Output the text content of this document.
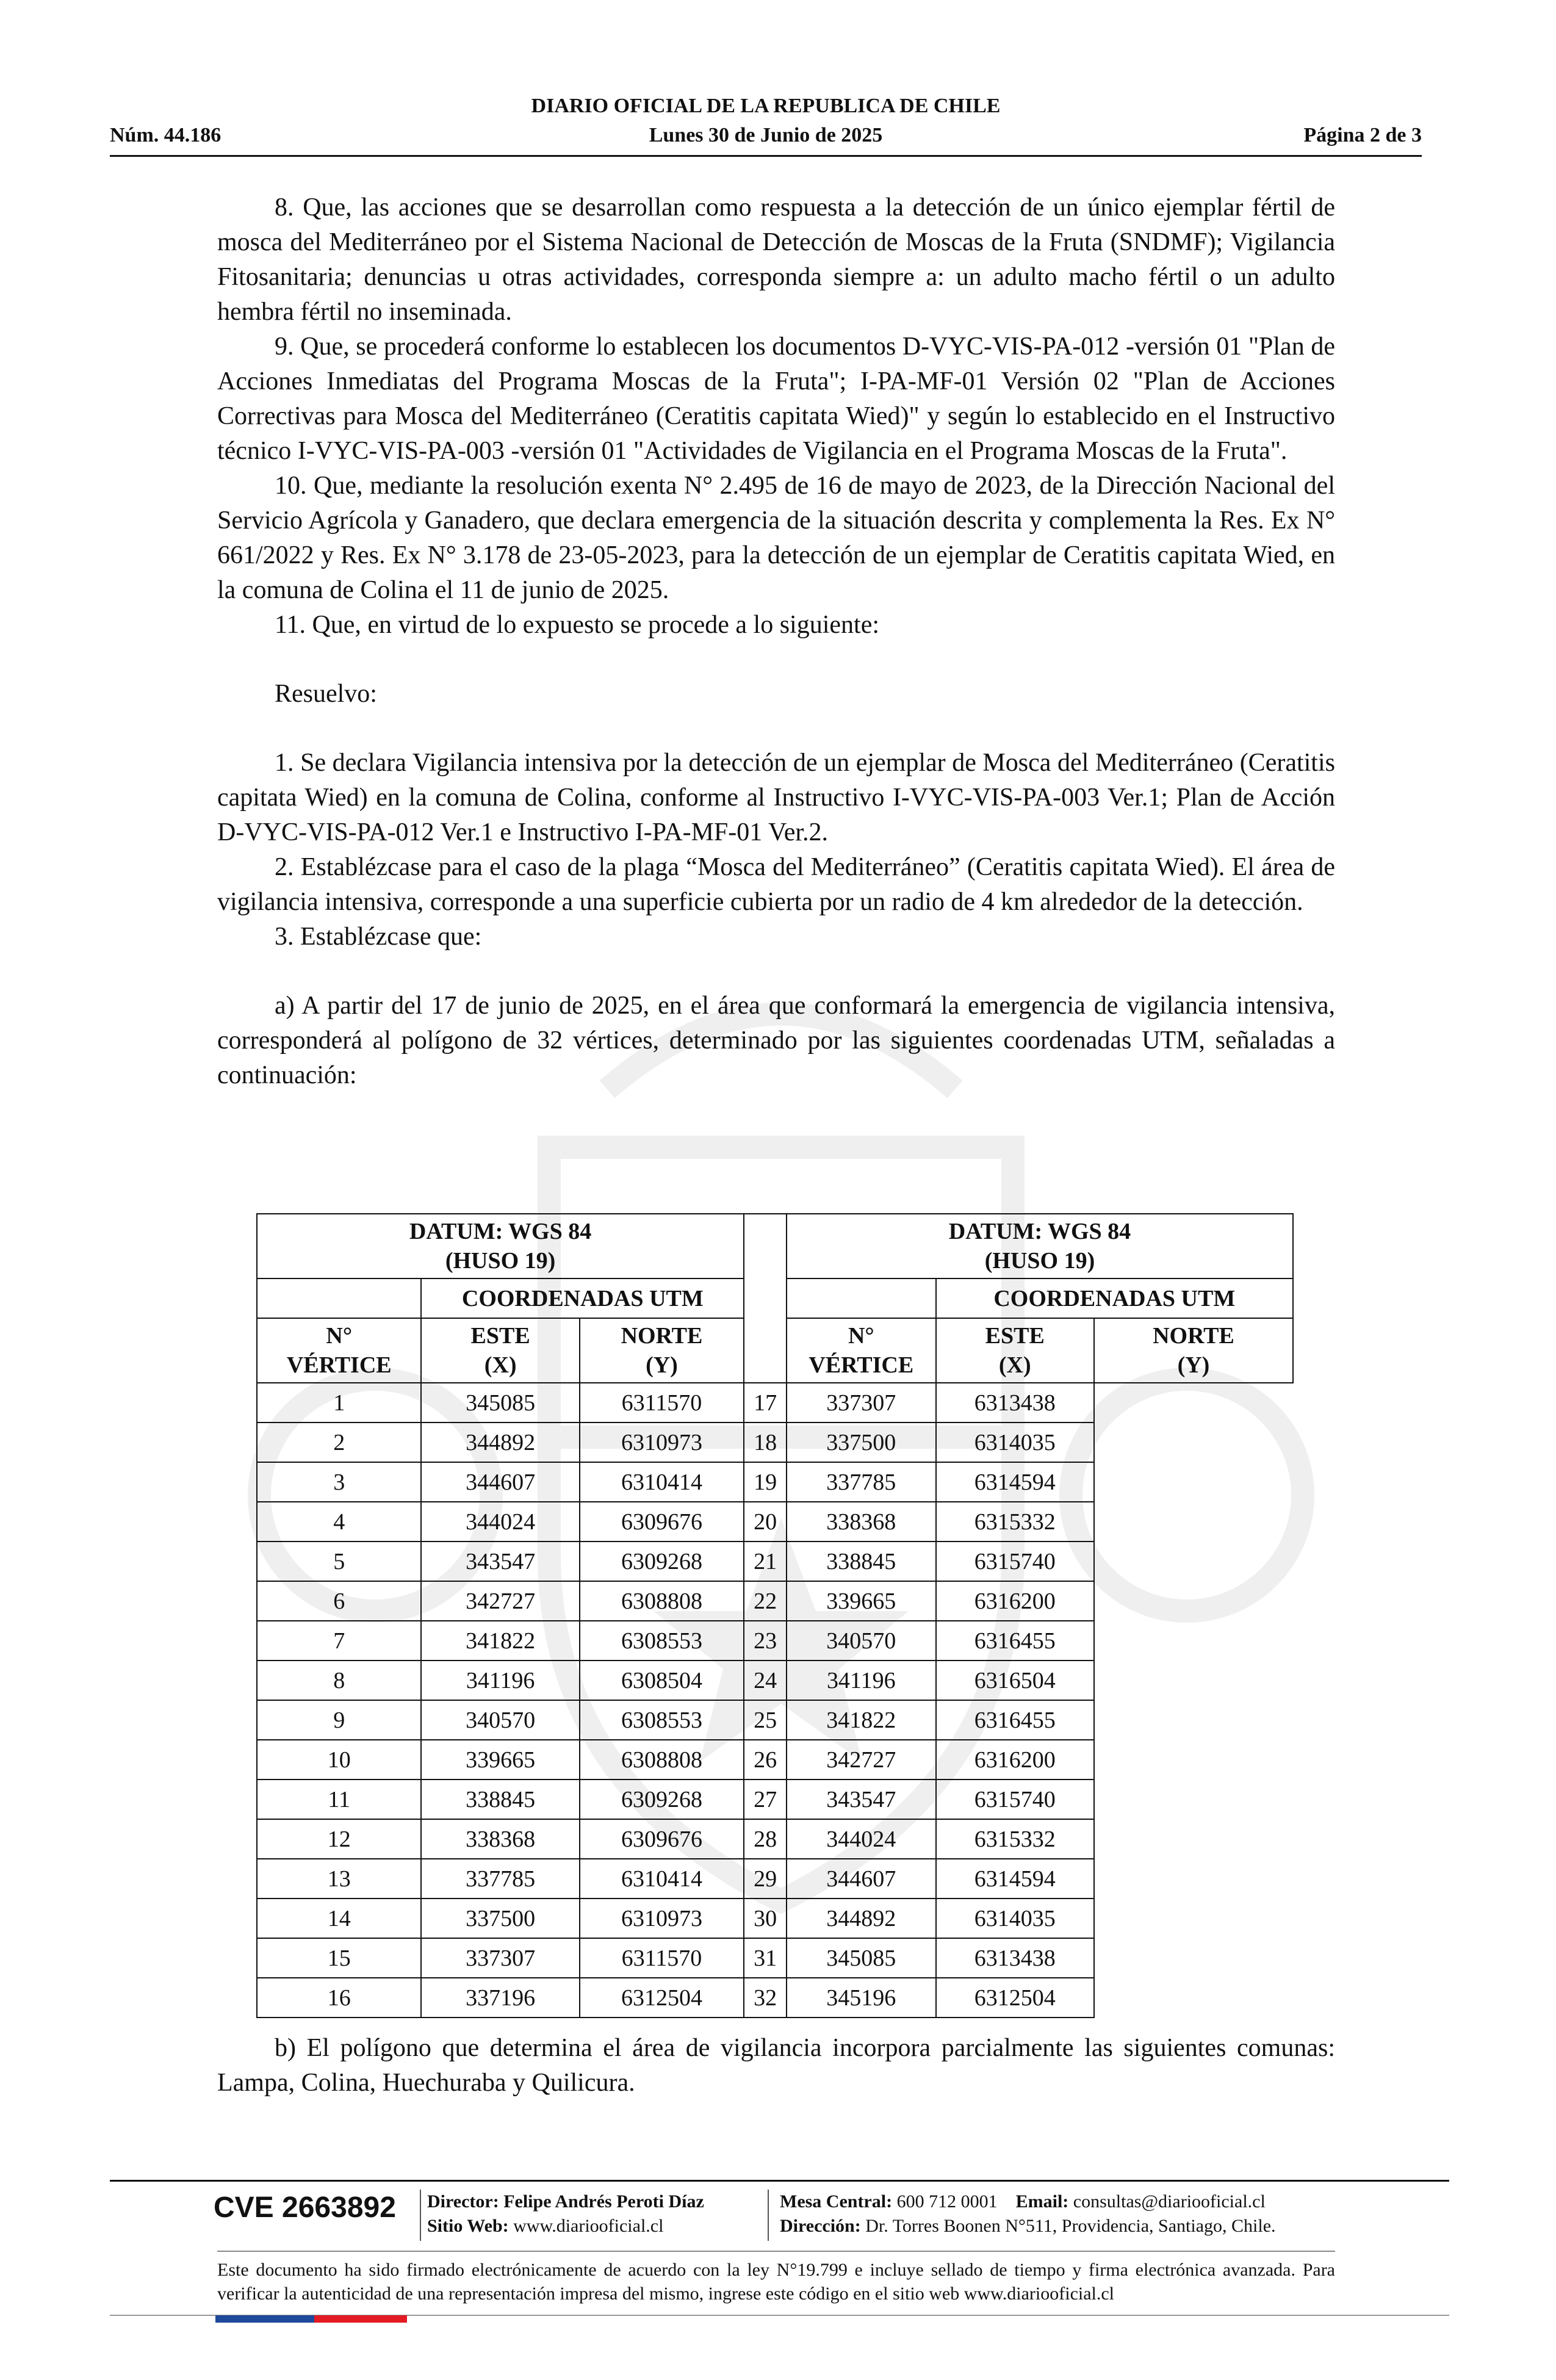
DIARIO OFICIAL DE LA REPUBLICA DE CHILE
Núm. 44.186	Lunes 30 de Junio de 2025	Página 2 de 3

8. Que, las acciones que se desarrollan como respuesta a la detección de un único ejemplar fértil de mosca del Mediterráneo por el Sistema Nacional de Detección de Moscas de la Fruta (SNDMF); Vigilancia Fitosanitaria; denuncias u otras actividades, corresponda siempre a: un adulto macho fértil o un adulto hembra fértil no inseminada.

9. Que, se procederá conforme lo establecen los documentos D-VYC-VIS-PA-012 -versión 01 "Plan de Acciones Inmediatas del Programa Moscas de la Fruta"; I-PA-MF-01 Versión 02 "Plan de Acciones Correctivas para Mosca del Mediterráneo (Ceratitis capitata Wied)" y según lo establecido en el Instructivo técnico I-VYC-VIS-PA-003 -versión 01 "Actividades de Vigilancia en el Programa Moscas de la Fruta".

10. Que, mediante la resolución exenta N° 2.495 de 16 de mayo de 2023, de la Dirección Nacional del Servicio Agrícola y Ganadero, que declara emergencia de la situación descrita y complementa la Res. Ex N° 661/2022 y Res. Ex N° 3.178 de 23-05-2023, para la detección de un ejemplar de Ceratitis capitata Wied, en la comuna de Colina el 11 de junio de 2025.

11. Que, en virtud de lo expuesto se procede a lo siguiente:

Resuelvo:

1. Se declara Vigilancia intensiva por la detección de un ejemplar de Mosca del Mediterráneo (Ceratitis capitata Wied) en la comuna de Colina, conforme al Instructivo I-VYC-VIS-PA-003 Ver.1; Plan de Acción D-VYC-VIS-PA-012 Ver.1 e Instructivo I-PA-MF-01 Ver.2.

2. Establézcase para el caso de la plaga “Mosca del Mediterráneo” (Ceratitis capitata Wied). El área de vigilancia intensiva, corresponde a una superficie cubierta por un radio de 4 km alrededor de la detección.

3. Establézcase que:

a) A partir del 17 de junio de 2025, en el área que conformará la emergencia de vigilancia intensiva, corresponderá al polígono de 32 vértices, determinado por las siguientes coordenadas UTM, señaladas a continuación:

DATUM: WGS 84
(HUSO 19)				DATUM: WGS 84
(HUSO 19)		
	COORDENADAS UTM				COORDENADAS UTM	
N°
VÉRTICE	ESTE
(X)	NORTE
(Y)		N°
VÉRTICE	ESTE
(X)	NORTE
(Y)
1	345085	6311570	17	337307	6313438	
2	344892	6310973	18	337500	6314035	
3	344607	6310414	19	337785	6314594	
4	344024	6309676	20	338368	6315332	
5	343547	6309268	21	338845	6315740	
6	342727	6308808	22	339665	6316200	
7	341822	6308553	23	340570	6316455	
8	341196	6308504	24	341196	6316504	
9	340570	6308553	25	341822	6316455	
10	339665	6308808	26	342727	6316200	
11	338845	6309268	27	343547	6315740	
12	338368	6309676	28	344024	6315332	
13	337785	6310414	29	344607	6314594	
14	337500	6310973	30	344892	6314035	
15	337307	6311570	31	345085	6313438	
16	337196	6312504	32	345196	6312504	

b) El polígono que determina el área de vigilancia incorpora parcialmente las siguientes comunas: Lampa, Colina, Huechuraba y Quilicura.

CVE 2663892 Director: Felipe Andrés Peroti Díaz
Sitio Web: www.diariooficial.cl
Mesa Central: 600 712 0001 Email: consultas@diariooficial.cl
Dirección: Dr. Torres Boonen N°511, Providencia, Santiago, Chile.
Este documento ha sido firmado electrónicamente de acuerdo con la ley N°19.799 e incluye sellado de tiempo y firma electrónica avanzada. Para verificar la autenticidad de una representación impresa del mismo, ingrese este código en el sitio web www.diariooficial.cl
